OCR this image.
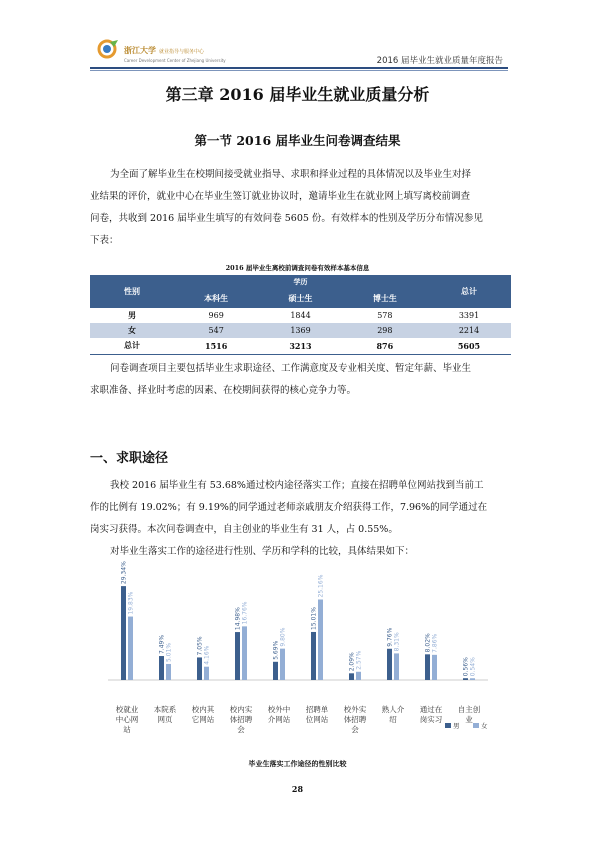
浙江大学 就业指导与服务中心
Career Development Center of Zhejiang University	2016 届毕业生就业质量年度报告
第三章 2016 届毕业生就业质量分析
第一节 2016 届毕业生问卷调查结果
为全面了解毕业生在校期间接受就业指导、求职和择业过程的具体情况以及毕业生对择
业结果的评价，就业中心在毕业生签订就业协议时，邀请毕业生在就业网上填写离校前调查
问卷，共收到 2016 届毕业生填写的有效问卷 5605 份。有效样本的性别及学历分布情况参见
下表：
2016 届毕业生离校前调查问卷有效样本基本信息
性别	学历			总计
	本科生	硕士生	博士生	
男	969	1844	578	3391
女	547	1369	298	2214
总计	1516	3213	876	5605
问卷调查项目主要包括毕业生求职途径、工作满意度及专业相关度、暂定年薪、毕业生
求职准备、择业时考虑的因素、在校期间获得的核心竞争力等。
一、求职途径
我校 2016 届毕业生有 53.68%通过校内途径落实工作；直接在招聘单位网站找到当前工
作的比例有 19.02%；有 9.19%的同学通过老师亲戚朋友介绍获得工作，7.96%的同学通过在
岗实习获得。本次问卷调查中，自主创业的毕业生有 31 人，占 0.55%。
对毕业生落实工作的途径进行性别、学历和学科的比较，具体结果如下：
29.34%
19.83%
校就业
中心网
站
7.49% 5.01%
本院系
网页
7.05% 4.16%
校内其
它网站
14.98% 16.76%
校内实
体招聘
会
5.69%
9.80%
校外中
介网站
15.01%
25.16%
招聘单
位网站
2.09% 2.57%
校外实
体招聘
会
9.76% 8.31%
熟人介
绍
8.02% 7.86%
通过在
岗实习
0.56% 0.54%
自主创
业
男	女
毕业生落实工作途径的性别比较
28
